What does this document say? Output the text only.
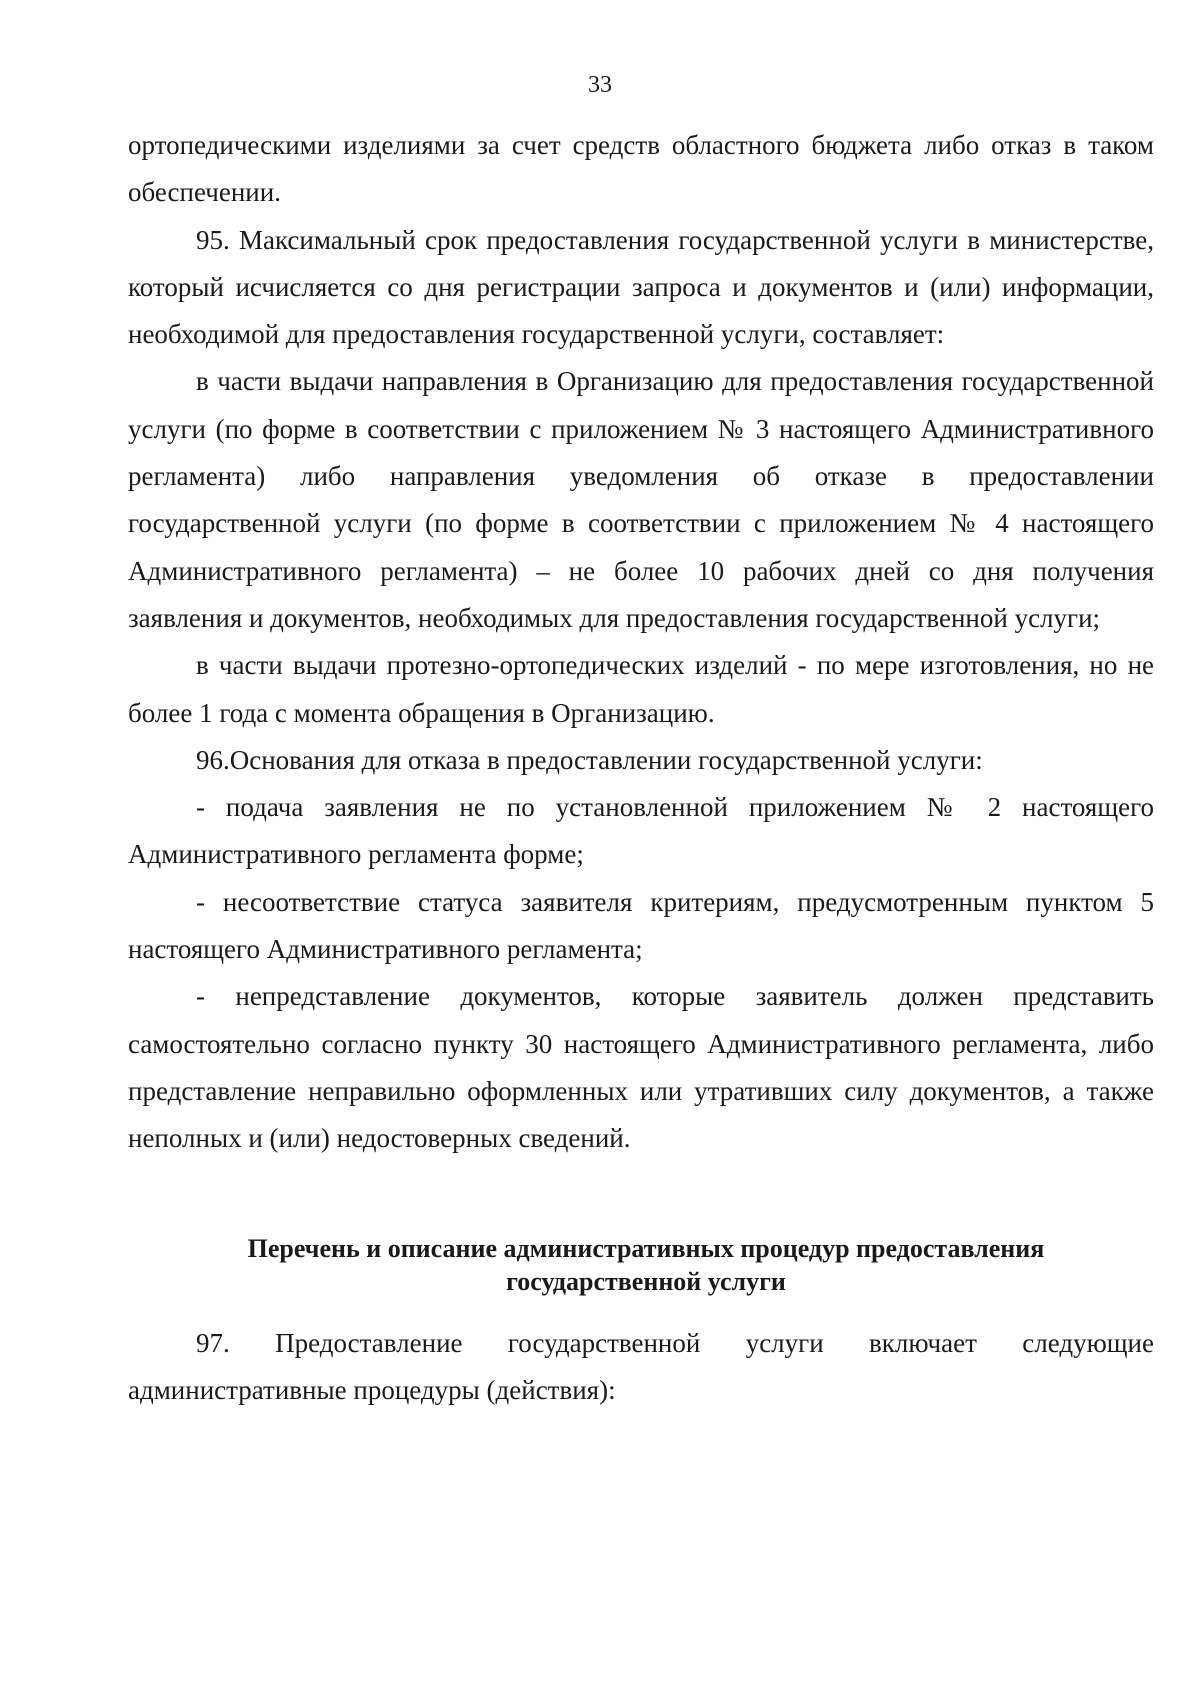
33

ортопедическими изделиями за счет средств областного бюджета либо отказ в таком обеспечении.

95. Максимальный срок предоставления государственной услуги в министерстве, который исчисляется со дня регистрации запроса и документов и (или) информации, необходимой для предоставления государственной услуги, составляет:

в части выдачи направления в Организацию для предоставления государственной услуги (по форме в соответствии с приложением № 3 настоящего Административного регламента) либо направления уведомления об отказе в предоставлении государственной услуги (по форме в соответствии с приложением № 4 настоящего Административного регламента) – не более 10 рабочих дней со дня получения заявления и документов, необходимых для предоставления государственной услуги;

в части выдачи протезно-ортопедических изделий - по мере изготовления, но не более 1 года с момента обращения в Организацию.

96.Основания для отказа в предоставлении государственной услуги:

- подача заявления не по установленной приложением № 2 настоящего Административного регламента форме;

- несоответствие статуса заявителя критериям, предусмотренным пунктом 5 настоящего Административного регламента;

- непредставление документов, которые заявитель должен представить самостоятельно согласно пункту 30 настоящего Административного регламента, либо представление неправильно оформленных или утративших силу документов, а также неполных и (или) недостоверных сведений.

Перечень и описание административных процедур предоставления государственной услуги

97. Предоставление государственной услуги включает следующие административные процедуры (действия):
